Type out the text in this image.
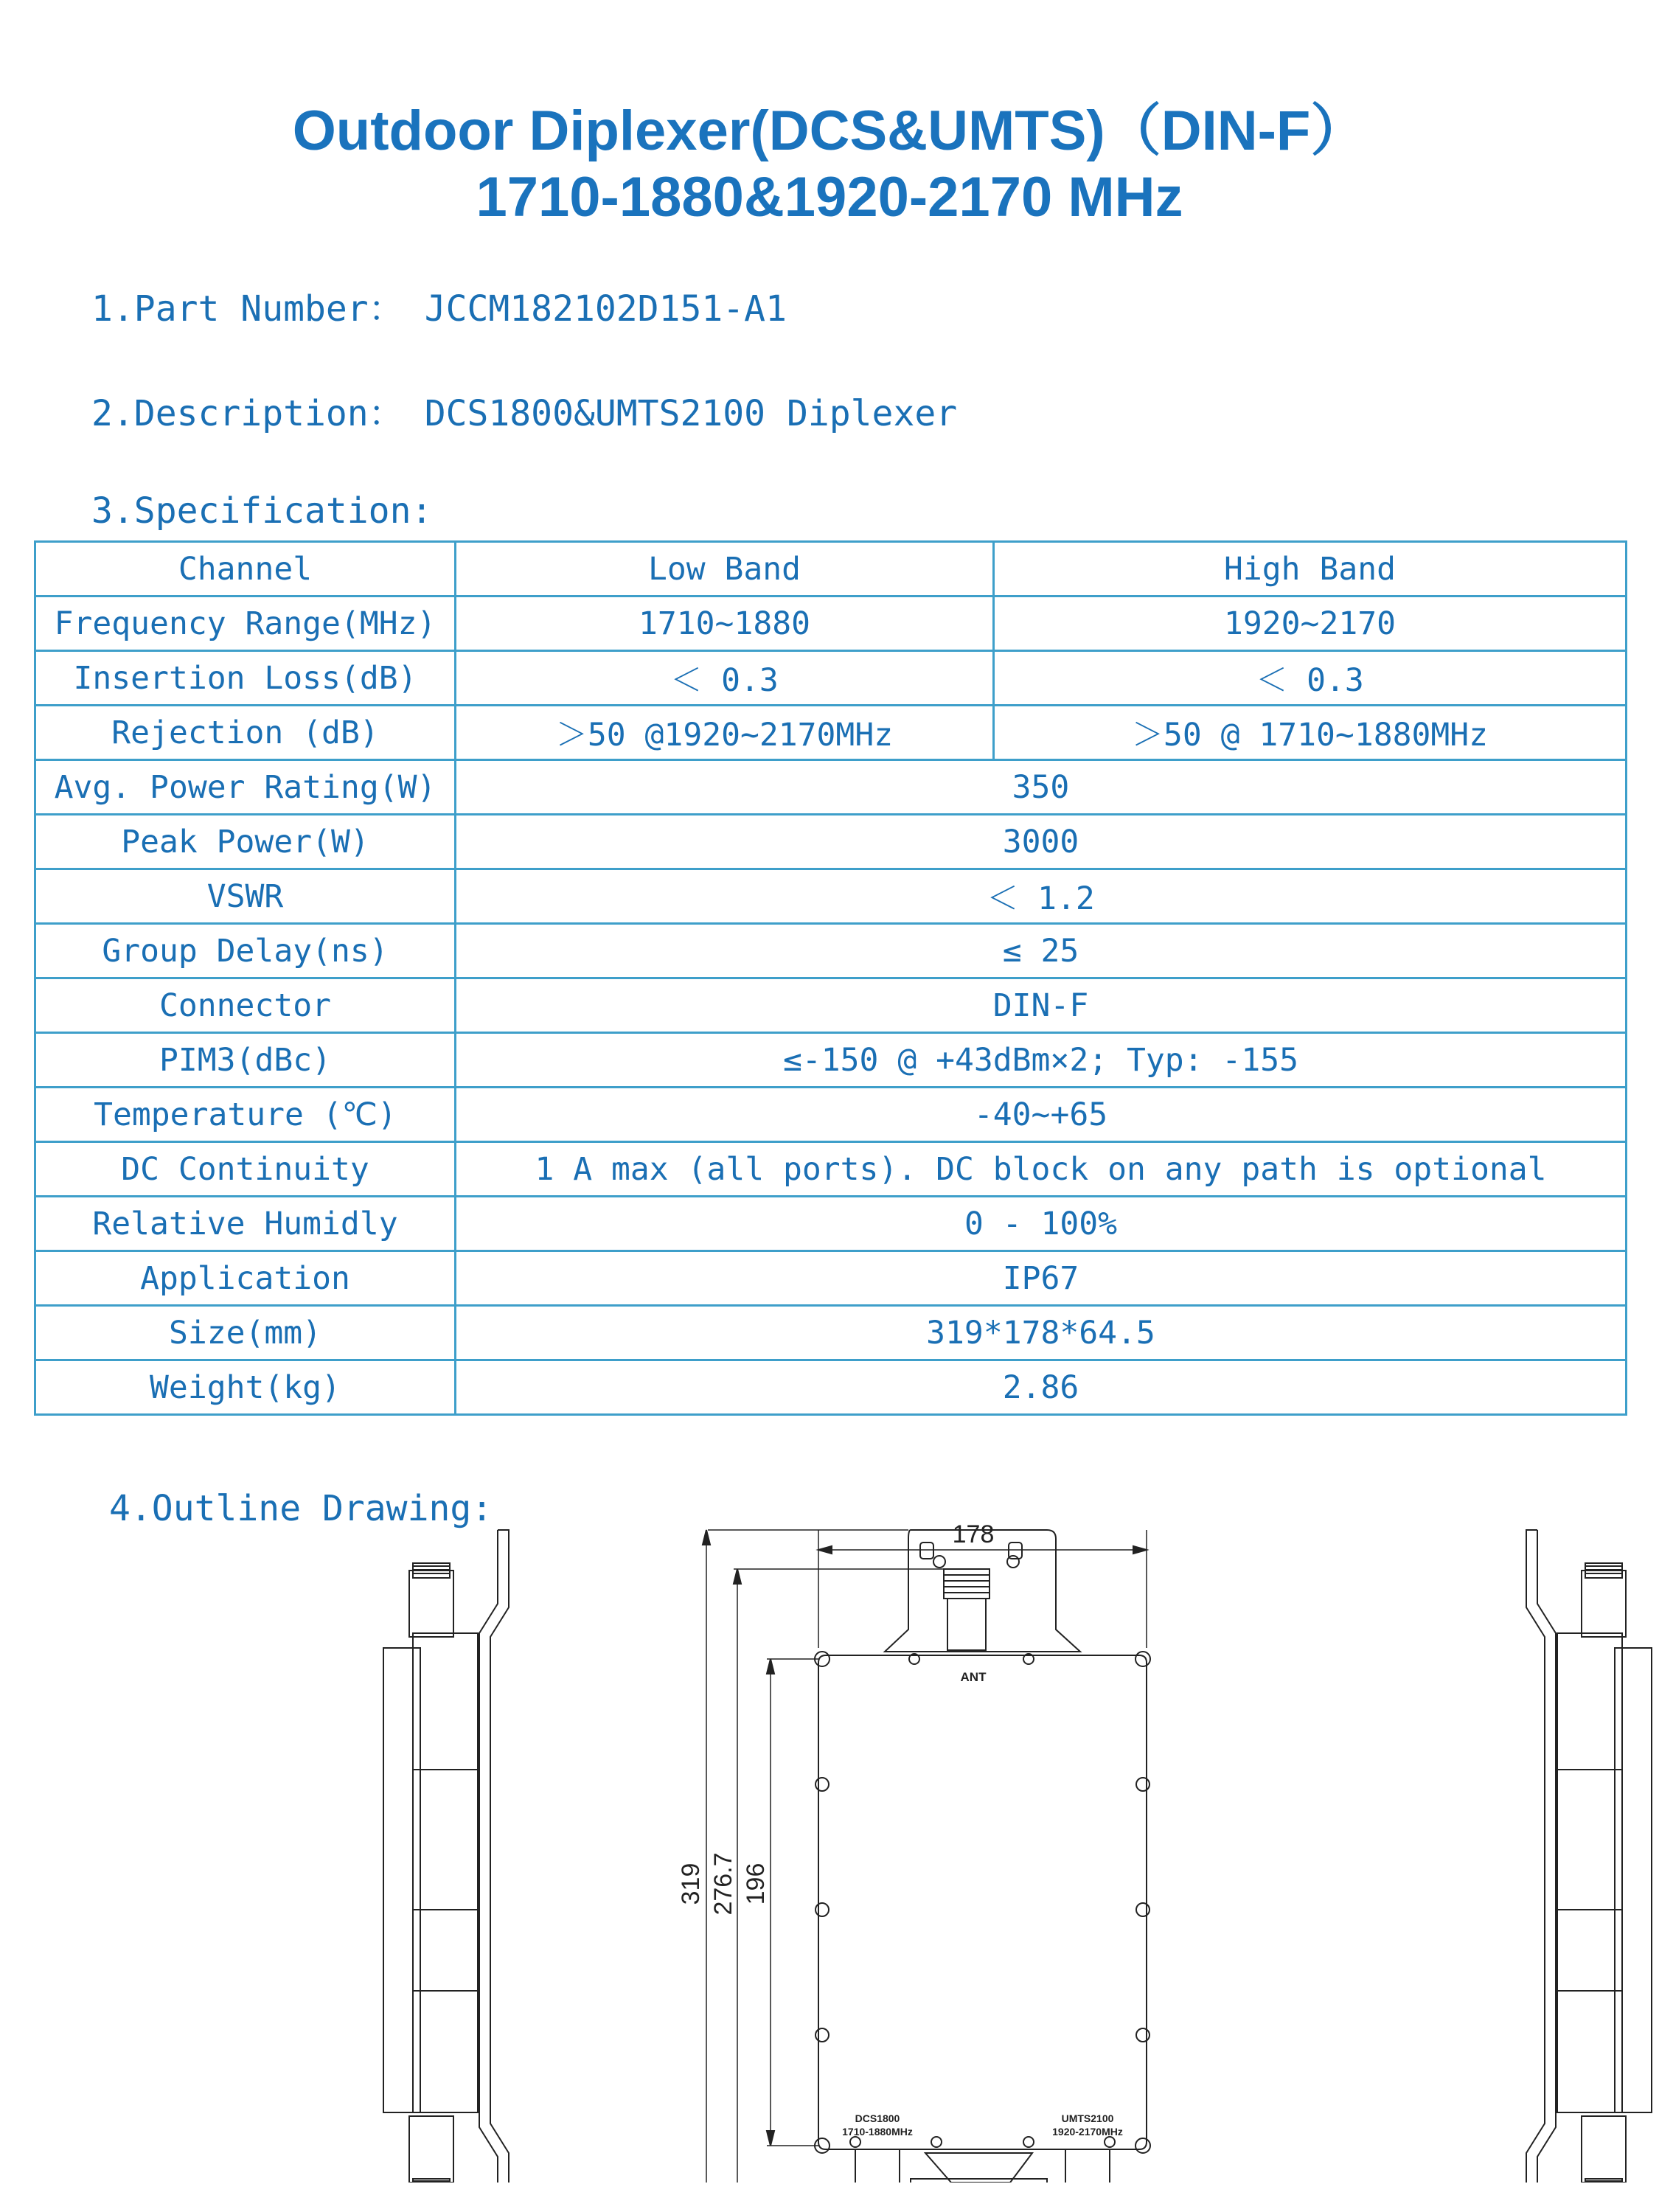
Outdoor Diplexer(DCS&UMTS)（DIN-F）
1710-1880&1920-2170 MHz
1.Part Number： JCCM182102D151-A1
2.Description： DCS1800&UMTS2100 Diplexer
3.Specification:
Channel	Low Band	High Band
Frequency Range(MHz)	1710~1880	1920~2170
Insertion Loss(dB)	＜ 0.3	＜ 0.3
Rejection (dB)	＞50 @1920~2170MHz	＞50 @ 1710~1880MHz
Avg. Power Rating(W)	350	
Peak Power(W)	3000	
VSWR	＜ 1.2	
Group Delay(ns)	≤ 25	
Connector	DIN-F	
PIM3(dBc)	≤-150 @ +43dBm×2; Typ: -155	
Temperature (℃)	-40~+65	
DC Continuity	1 A max (all ports). DC block on any path is optional	
Relative Humidly	0 - 100%	
Application	IP67	
Size(mm)	319*178*64.5	
Weight(kg)	2.86	
4.Outline Drawing:
178
319 276.7 196
ANT
DCS1800
1710-1880MHz
UMTS2100
1920-2170MHz
